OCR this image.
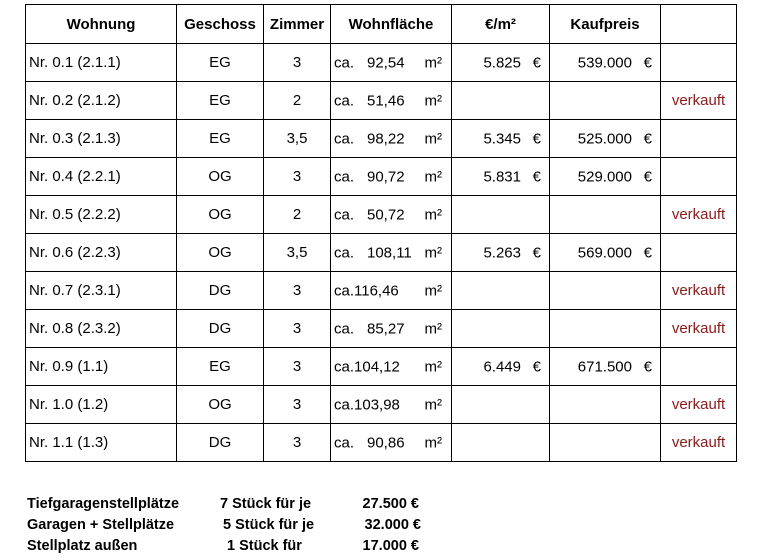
Wohnung	Geschoss	Zimmer	Wohnfläche	€/m²	Kaufpreis	
Nr. 0.1 (2.1.1)	EG	3	ca. 92,54 m²	5.825 €	539.000 €	

Nr. 0.2 (2.1.2)	EG	2	ca. 51,46 m²			verkauft
Nr. 0.3 (2.1.3)	EG	3,5	ca. 98,22 m²	5.345 €	525.000 €	

Nr. 0.4 (2.2.1)	OG	3	ca. 90,72 m²	5.831 €	529.000 €	

Nr. 0.5 (2.2.2)	OG	2	ca. 50,72 m²			verkauft
Nr. 0.6 (2.2.3)	OG	3,5	ca. 108,11 m²	5.263 €	569.000 €	

Nr. 0.7 (2.3.1)	DG	3	ca.116,46 m²			verkauft
Nr. 0.8 (2.3.2)	DG	3	ca. 85,27 m²			verkauft
Nr. 0.9 (1.1)	EG	3	ca.104,12 m²	6.449 €	671.500 €	

Nr. 1.0 (1.2)	OG	3	ca.103,98 m²			verkauft
Nr. 1.1 (1.3)	DG	3	ca. 90,86 m²			verkauft
Tiefgaragenstellplätze	7 Stück für je	27.500 €
Garagen + Stellplätze	5 Stück für je	32.000 €
Stellplatz außen	1 Stück für	17.000 €
